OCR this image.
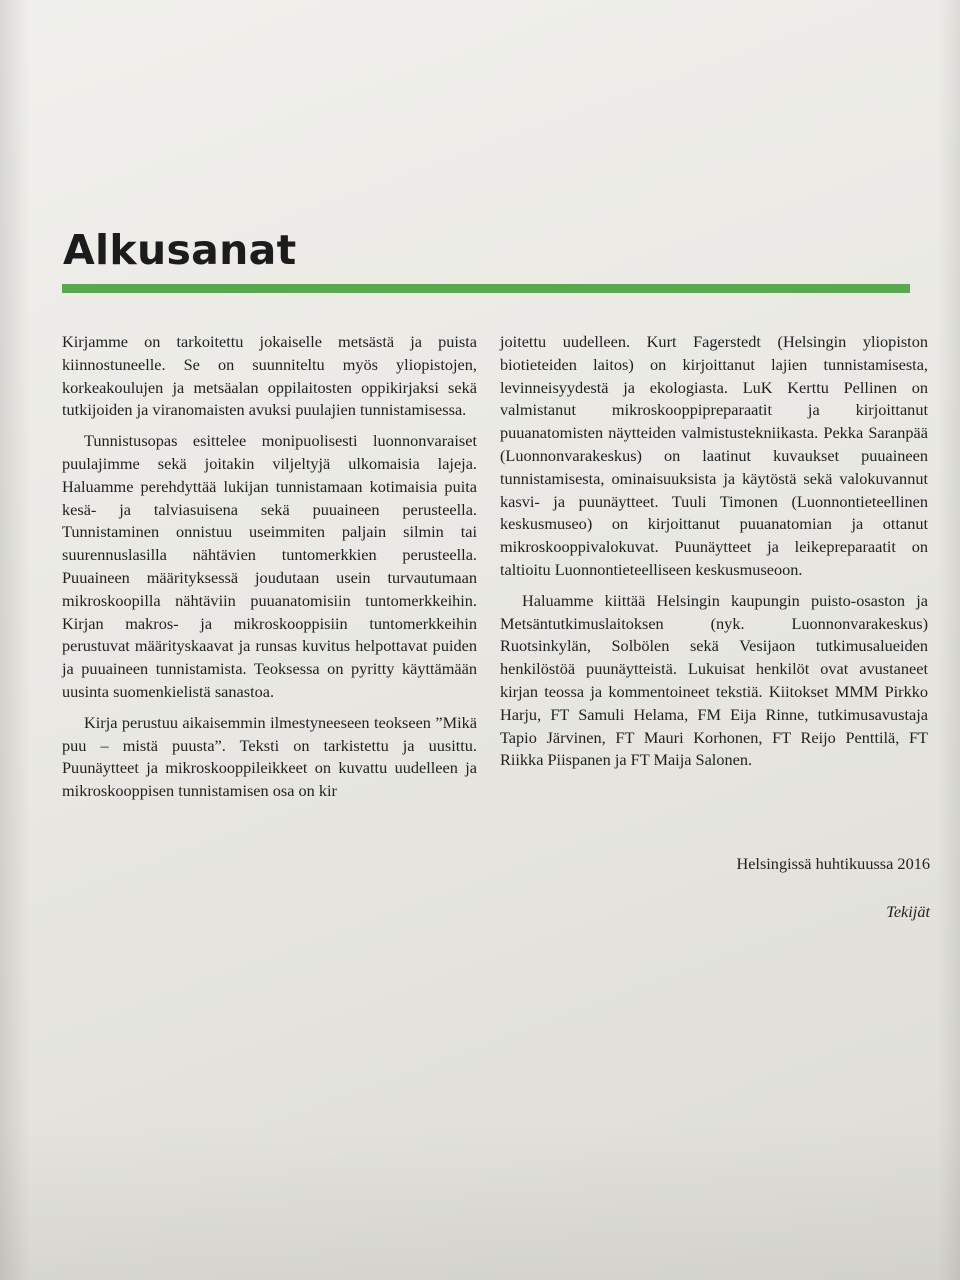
Alkusanat

Kirjamme on tarkoitettu jokaiselle metsästä ja puista kiinnostuneelle. Se on suunniteltu myös yliopistojen, korkeakoulujen ja metsäalan oppilaitosten oppikirjaksi sekä tutkijoiden ja viranomaisten avuksi puulajien tunnistamisessa.

Tunnistusopas esittelee monipuolisesti luonnonvaraiset puulajimme sekä joitakin viljeltyjä ulkomaisia lajeja. Haluamme perehdyttää lukijan tunnistamaan kotimaisia puita kesä- ja talviasuisena sekä puuaineen perusteella. Tunnistaminen onnistuu useimmiten paljain silmin tai suurennuslasilla nähtävien tuntomerkkien perusteella. Puuaineen määrityksessä joudutaan usein turvautumaan mikroskoopilla nähtäviin puuanatomisiin tuntomerkkeihin. Kirjan makros- ja mikroskooppisiin tuntomerkkeihin perustuvat määrityskaavat ja runsas kuvitus helpottavat puiden ja puuaineen tunnistamista. Teoksessa on pyritty käyttämään uusinta suomenkielistä sanastoa.

Kirja perustuu aikaisemmin ilmestyneeseen teokseen ”Mikä puu – mistä puusta”. Teksti on tarkistettu ja uusittu. Puunäytteet ja mikroskooppileikkeet on kuvattu uudelleen ja mikroskooppisen tunnistamisen osa on kir

joitettu uudelleen. Kurt Fagerstedt (Helsingin yliopiston biotieteiden laitos) on kirjoittanut lajien tunnistamisesta, levinneisyydestä ja ekologiasta. LuK Kerttu Pellinen on valmistanut mikroskooppipreparaatit ja kirjoittanut puuanatomisten näytteiden valmistustekniikasta. Pekka Saranpää (Luonnonvarakeskus) on laatinut kuvaukset puuaineen tunnistamisesta, ominaisuuksista ja käytöstä sekä valokuvannut kasvi- ja puunäytteet. Tuuli Timonen (Luonnontieteellinen keskusmuseo) on kirjoittanut puuanatomian ja ottanut mikroskooppivalokuvat. Puunäytteet ja leikepreparaatit on taltioitu Luonnontieteelliseen keskusmuseoon.

Haluamme kiittää Helsingin kaupungin puisto-osaston ja Metsäntutkimuslaitoksen (nyk. Luonnonvarakeskus) Ruotsinkylän, Solbölen sekä Vesijaon tutkimusalueiden henkilöstöä puunäytteistä. Lukuisat henkilöt ovat avustaneet kirjan teossa ja kommentoineet tekstiä. Kiitokset MMM Pirkko Harju, FT Samuli Helama, FM Eija Rinne, tutkimusavustaja Tapio Järvinen, FT Mauri Korhonen, FT Reijo Penttilä, FT Riikka Piispanen ja FT Maija Salonen.

Helsingissä huhtikuussa 2016
Tekijät
